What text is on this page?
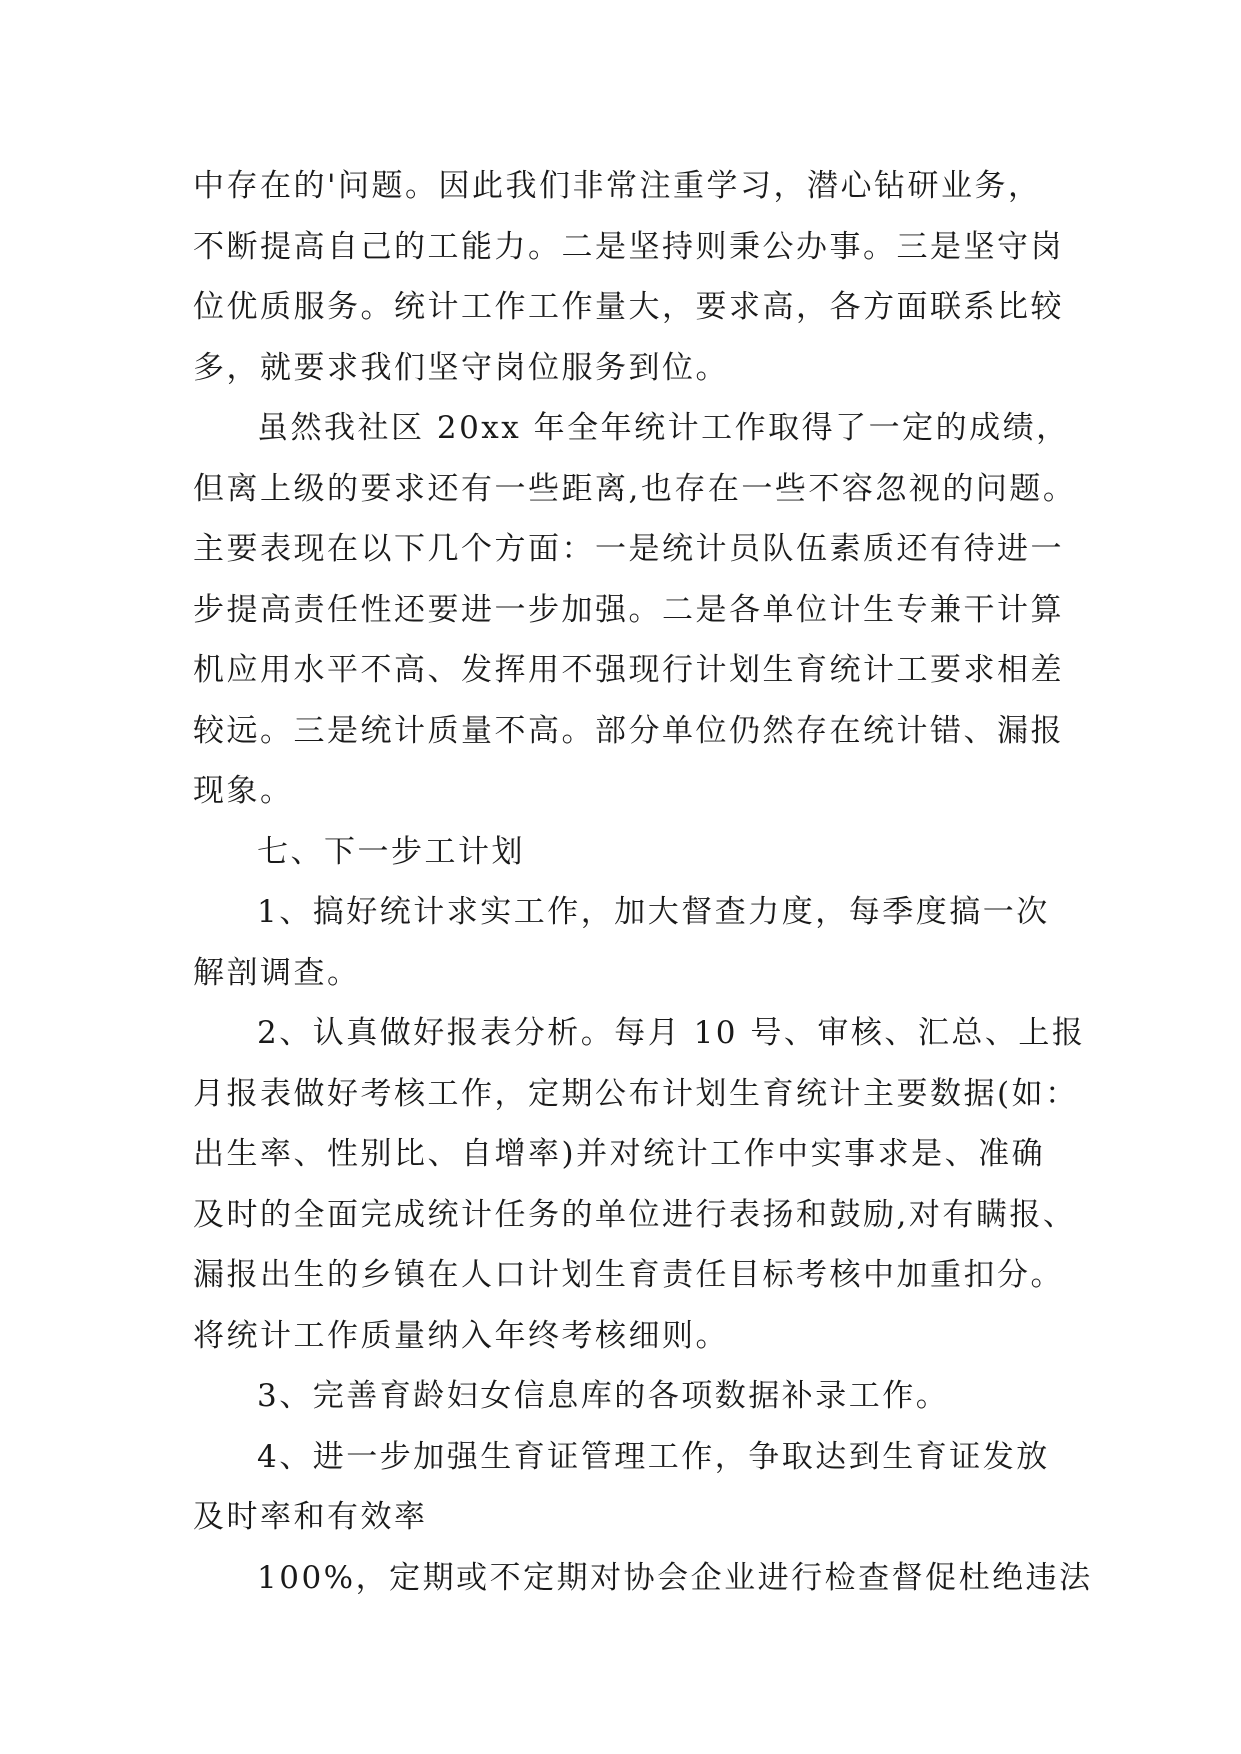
中存在的'问题。因此我们非常注重学习，潜心钻研业务，
不断提高自己的工能力。二是坚持则秉公办事。三是坚守岗
位优质服务。统计工作工作量大，要求高，各方面联系比较
多，就要求我们坚守岗位服务到位。
虽然我社区 20xx 年全年统计工作取得了一定的成绩，
但离上级的要求还有一些距离,也存在一些不容忽视的问题。
主要表现在以下几个方面：一是统计员队伍素质还有待进一
步提高责任性还要进一步加强。二是各单位计生专兼干计算
机应用水平不高、发挥用不强现行计划生育统计工要求相差
较远。三是统计质量不高。部分单位仍然存在统计错、漏报
现象。
七、下一步工计划
1、搞好统计求实工作，加大督查力度，每季度搞一次
解剖调查。
2、认真做好报表分析。每月 10 号、审核、汇总、上报
月报表做好考核工作，定期公布计划生育统计主要数据(如：
出生率、性别比、自增率)并对统计工作中实事求是、准确
及时的全面完成统计任务的单位进行表扬和鼓励,对有瞒报、
漏报出生的乡镇在人口计划生育责任目标考核中加重扣分。
将统计工作质量纳入年终考核细则。
3、完善育龄妇女信息库的各项数据补录工作。
4、进一步加强生育证管理工作，争取达到生育证发放
及时率和有效率
100%，定期或不定期对协会企业进行检查督促杜绝违法
